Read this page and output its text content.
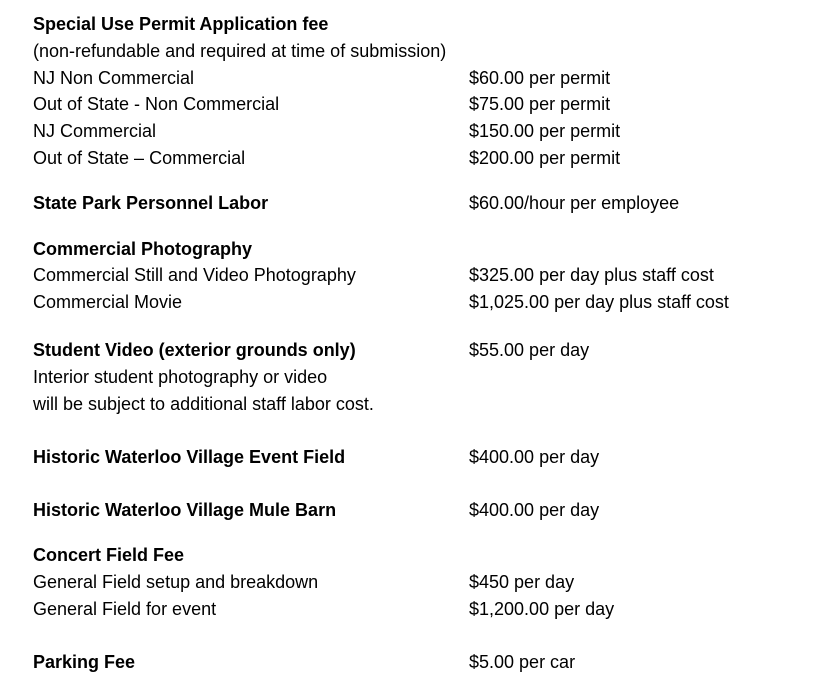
Special Use Permit Application fee
(non-refundable and required at time of submission)
NJ Non Commercial	$60.00 per permit
Out of State - Non Commercial	$75.00 per permit
NJ Commercial	$150.00 per permit
Out of State – Commercial	$200.00 per permit
State Park Personnel Labor	$60.00/hour per employee
Commercial Photography
Commercial Still and Video Photography	$325.00 per day plus staff cost
Commercial Movie	$1,025.00 per day plus staff cost
Student Video (exterior grounds only)	$55.00 per day
Interior student photography or video
will be subject to additional staff labor cost.
Historic Waterloo Village Event Field	$400.00 per day
Historic Waterloo Village Mule Barn	$400.00 per day
Concert Field Fee
General Field setup and breakdown	$450 per day
General Field for event	$1,200.00 per day
Parking Fee	$5.00 per car
